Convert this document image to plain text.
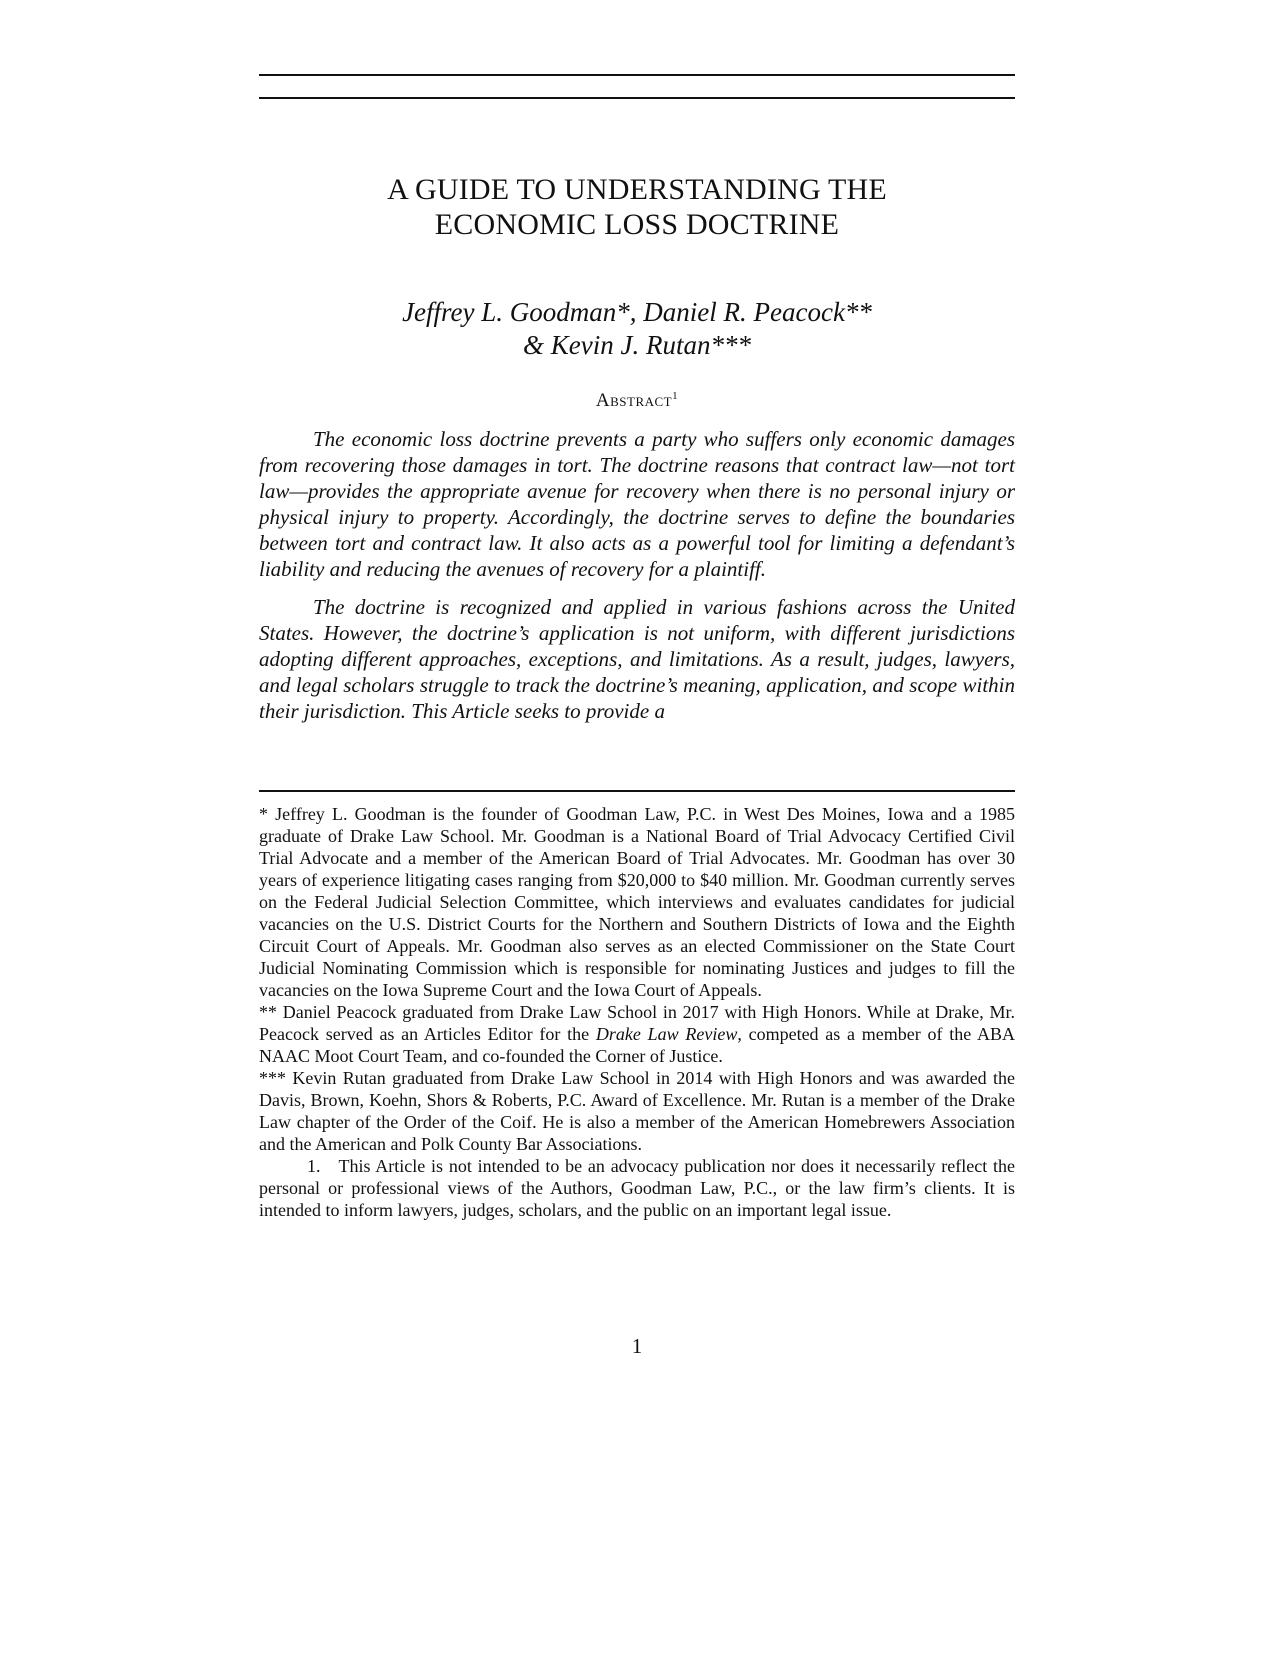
A GUIDE TO UNDERSTANDING THE
ECONOMIC LOSS DOCTRINE
Jeffrey L. Goodman*, Daniel R. Peacock**
& Kevin J. Rutan***
Abstract$^1$

The economic loss doctrine prevents a party who suffers only economic damages from recovering those damages in tort. The doctrine reasons that contract law—not tort law—provides the appropriate avenue for recovery when there is no personal injury or physical injury to property. Accordingly, the doctrine serves to define the boundaries between tort and contract law. It also acts as a powerful tool for limiting a defendant’s liability and reducing the avenues of recovery for a plaintiff.

The doctrine is recognized and applied in various fashions across the United States. However, the doctrine’s application is not uniform, with different jurisdictions adopting different approaches, exceptions, and limitations. As a result, judges, lawyers, and legal scholars struggle to track the doctrine’s meaning, application, and scope within their jurisdiction. This Article seeks to provide a

* Jeffrey L. Goodman is the founder of Goodman Law, P.C. in West Des Moines, Iowa and a 1985 graduate of Drake Law School. Mr. Goodman is a National Board of Trial Advocacy Certified Civil Trial Advocate and a member of the American Board of Trial Advocates. Mr. Goodman has over 30 years of experience litigating cases ranging from $20,000 to $40 million. Mr. Goodman currently serves on the Federal Judicial Selection Committee, which interviews and evaluates candidates for judicial vacancies on the U.S. District Courts for the Northern and Southern Districts of Iowa and the Eighth Circuit Court of Appeals. Mr. Goodman also serves as an elected Commissioner on the State Court Judicial Nominating Commission which is responsible for nominating Justices and judges to fill the vacancies on the Iowa Supreme Court and the Iowa Court of Appeals.

** Daniel Peacock graduated from Drake Law School in 2017 with High Honors. While at Drake, Mr. Peacock served as an Articles Editor for the Drake Law Review, competed as a member of the ABA NAAC Moot Court Team, and co-founded the Corner of Justice.

*** Kevin Rutan graduated from Drake Law School in 2014 with High Honors and was awarded the Davis, Brown, Koehn, Shors & Roberts, P.C. Award of Excellence. Mr. Rutan is a member of the Drake Law chapter of the Order of the Coif. He is also a member of the American Homebrewers Association and the American and Polk County Bar Associations.

1. This Article is not intended to be an advocacy publication nor does it necessarily reflect the personal or professional views of the Authors, Goodman Law, P.C., or the law firm’s clients. It is intended to inform lawyers, judges, scholars, and the public on an important legal issue.

1
